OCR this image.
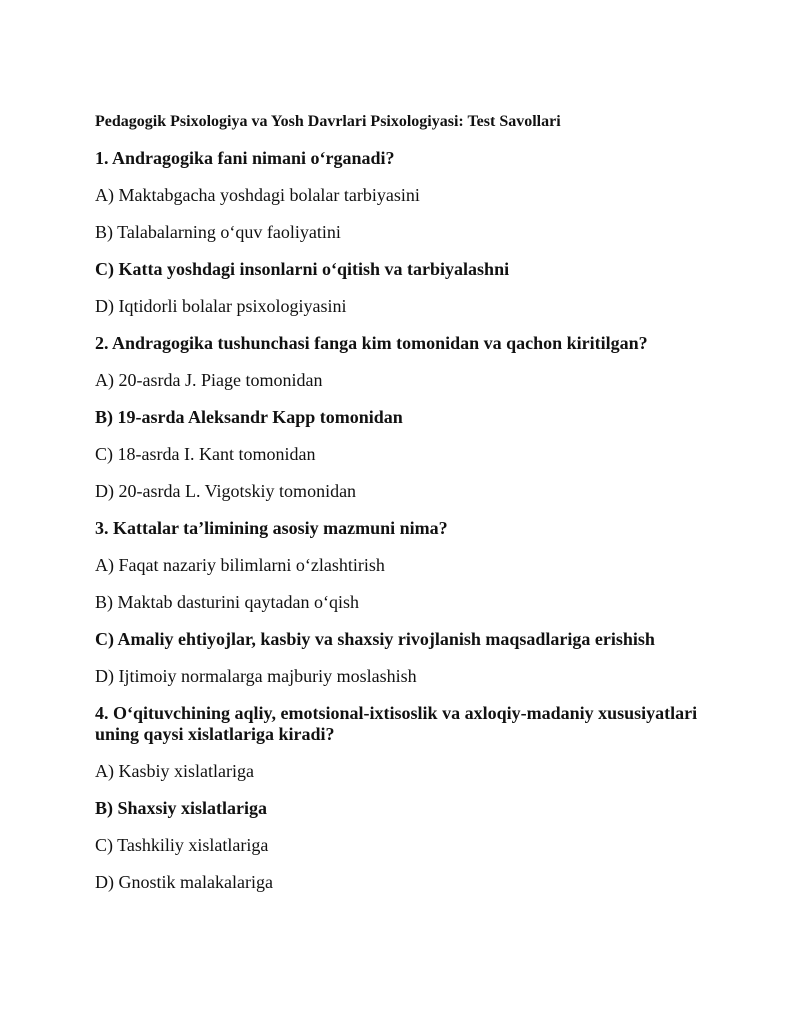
Pedagogik Psixologiya va Yosh Davrlari Psixologiyasi: Test Savollari
1. Andragogika fani nimani o‘rganadi?
A) Maktabgacha yoshdagi bolalar tarbiyasini
B) Talabalarning o‘quv faoliyatini
C) Katta yoshdagi insonlarni o‘qitish va tarbiyalashni
D) Iqtidorli bolalar psixologiyasini
2. Andragogika tushunchasi fanga kim tomonidan va qachon kiritilgan?
A) 20-asrda J. Piage tomonidan
B) 19-asrda Aleksandr Kapp tomonidan
C) 18-asrda I. Kant tomonidan
D) 20-asrda L. Vigotskiy tomonidan
3. Kattalar ta’limining asosiy mazmuni nima?
A) Faqat nazariy bilimlarni o‘zlashtirish
B) Maktab dasturini qaytadan o‘qish
C) Amaliy ehtiyojlar, kasbiy va shaxsiy rivojlanish maqsadlariga erishish
D) Ijtimoiy normalarga majburiy moslashish
4. O‘qituvchining aqliy, emotsional-ixtisoslik va axloqiy-madaniy xususiyatlari uning qaysi xislatlariga kiradi?
A) Kasbiy xislatlariga
B) Shaxsiy xislatlariga
C) Tashkiliy xislatlariga
D) Gnostik malakalariga
